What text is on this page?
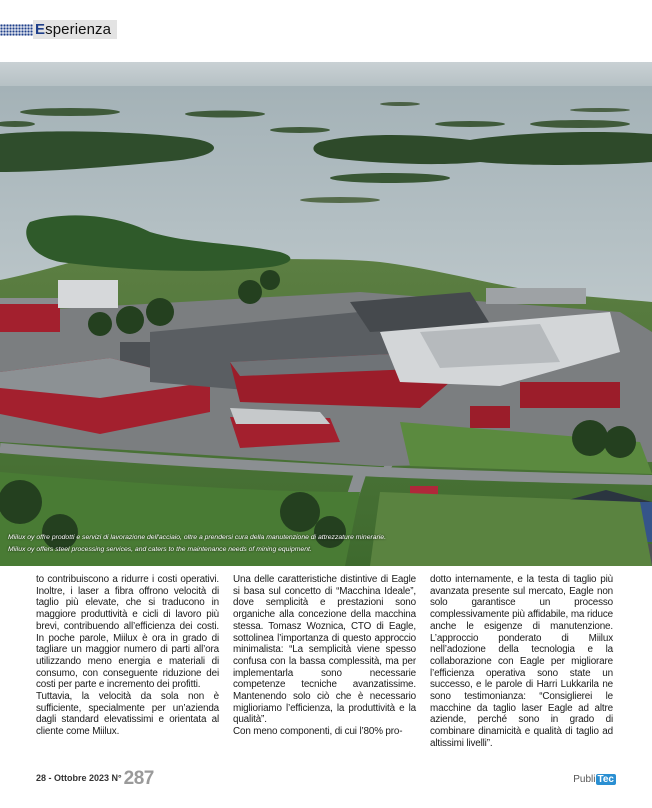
Esperienza
Miilux oy offre prodotti e servizi di lavorazione dell'acciaio, oltre a prendersi cura della manutenzione di attrezzature minerarie.
Miilux oy offers steel processing services, and caters to the maintenance needs of mining equipment.

to contribuiscono a ridurre i costi operativi. Inoltre, i laser a fibra offrono velocità di taglio più elevate, che si traducono in maggiore produttività e cicli di lavoro più brevi, contribuendo all’efficienza dei costi. In poche parole, Miilux è ora in grado di tagliare un maggior numero di parti all’ora utilizzando meno energia e materiali di consumo, con conseguente riduzione dei costi per parte e incremento dei profitti.

Tuttavia, la velocità da sola non è sufficiente, specialmente per un’azienda dagli standard elevatissimi e orientata al cliente come Miilux.

Una delle caratteristiche distintive di Eagle si basa sul concetto di “Macchina Ideale”, dove semplicità e prestazioni sono organiche alla concezione della macchina stessa. Tomasz Woznica, CTO di Eagle, sottolinea l’importanza di questo approccio minimalista: “La semplicità viene spesso confusa con la bassa complessità, ma per implementarla sono necessarie competenze tecniche avanzatissime. Mantenendo solo ciò che è necessario miglioriamo l’efficienza, la produttività e la qualità”.

Con meno componenti, di cui l’80% pro-

dotto internamente, e la testa di taglio più avanzata presente sul mercato, Eagle non solo garantisce un processo complessivamente più affidabile, ma riduce anche le esigenze di manutenzione. L’approccio ponderato di Miilux nell’adozione della tecnologia e la collaborazione con Eagle per migliorare l’efficienza operativa sono state un successo, e le parole di Harri Lukkarila ne sono testimonianza: “Consiglierei le macchine da taglio laser Eagle ad altre aziende, perché sono in grado di combinare dinamicità e qualità di taglio ad altissimi livelli”.

28 - Ottobre 2023 N° 287	Publi Tec
